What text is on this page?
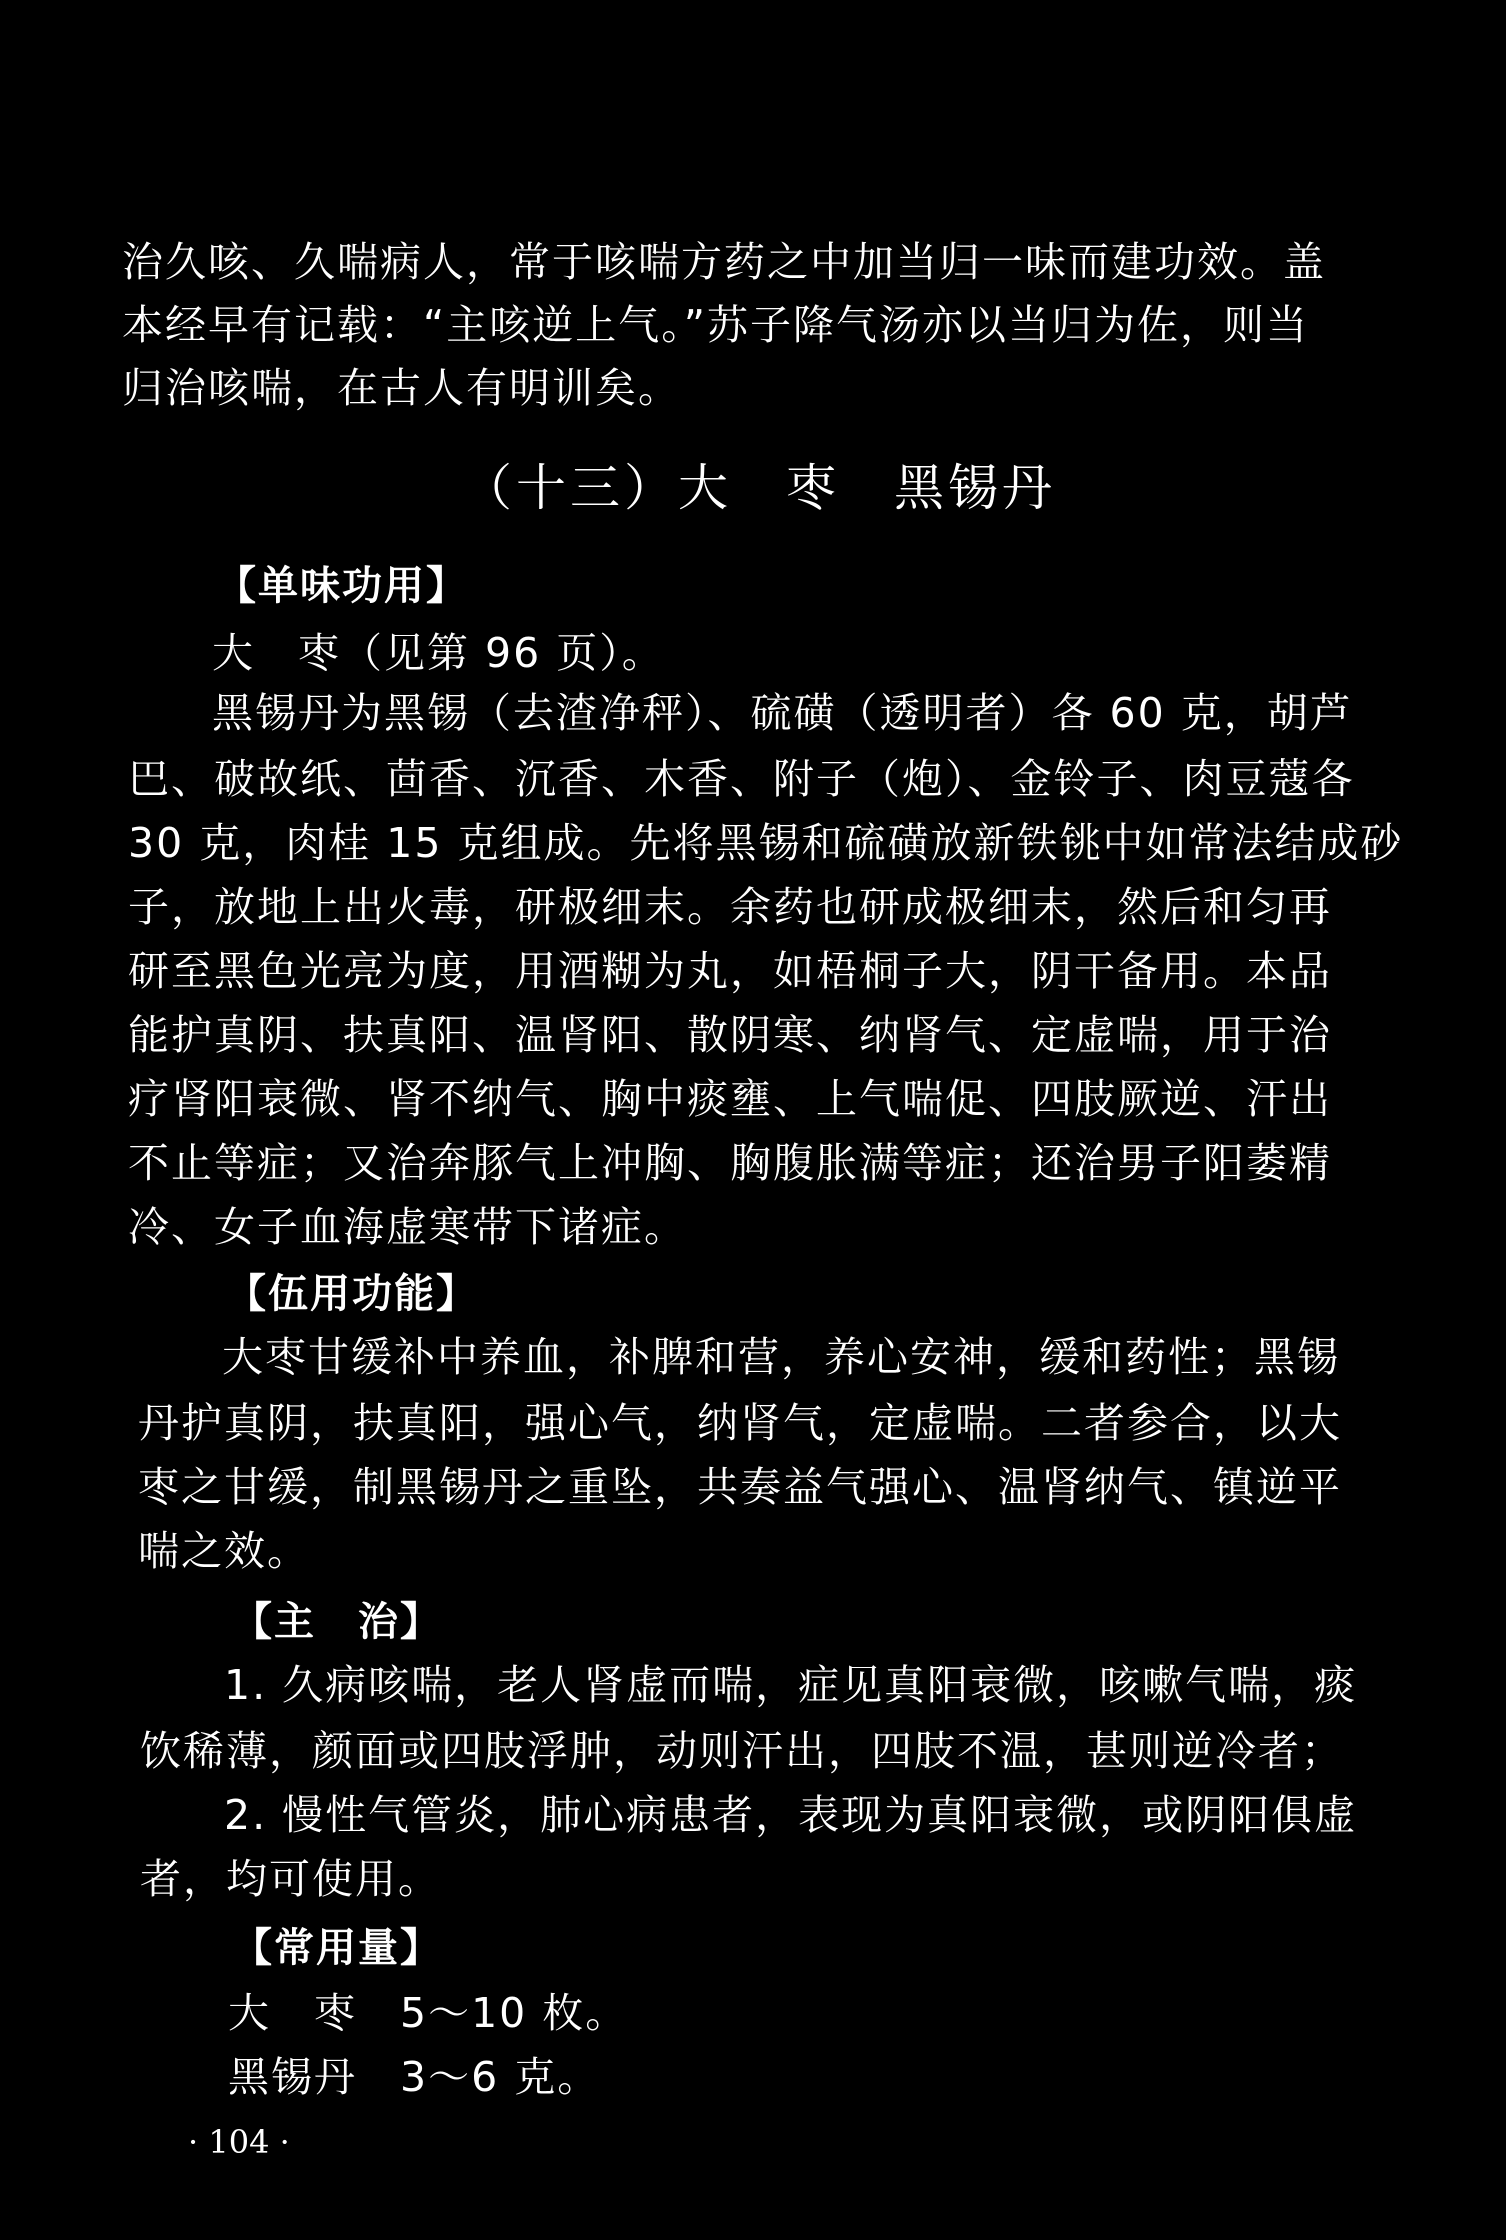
治久咳、久喘病人，常于咳喘方药之中加当归一味而建功效。盖
本经早有记载：“主咳逆上气。”苏子降气汤亦以当归为佐，则当
归治咳喘，在古人有明训矣。
（十三）大　枣　黑锡丹
【单味功用】
大　枣（见第 96 页）。
黑锡丹为黑锡（去渣净秤）、硫磺（透明者）各 60 克，胡芦
巴、破故纸、茴香、沉香、木香、附子（炮）、金铃子、肉豆蔻各
30 克，肉桂 15 克组成。先将黑锡和硫磺放新铁铫中如常法结成砂
子，放地上出火毒，研极细末。余药也研成极细末，然后和匀再
研至黑色光亮为度，用酒糊为丸，如梧桐子大，阴干备用。本品
能护真阴、扶真阳、温肾阳、散阴寒、纳肾气、定虚喘，用于治
疗肾阳衰微、肾不纳气、胸中痰壅、上气喘促、四肢厥逆、汗出
不止等症；又治奔豚气上冲胸、胸腹胀满等症；还治男子阳萎精
冷、女子血海虚寒带下诸症。
【伍用功能】
大枣甘缓补中养血，补脾和营，养心安神，缓和药性；黑锡
丹护真阴，扶真阳，强心气，纳肾气，定虚喘。二者参合，以大
枣之甘缓，制黑锡丹之重坠，共奏益气强心、温肾纳气、镇逆平
喘之效。
【主　治】
1. 久病咳喘，老人肾虚而喘，症见真阳衰微，咳嗽气喘，痰
饮稀薄，颜面或四肢浮肿，动则汗出，四肢不温，甚则逆冷者；
2. 慢性气管炎，肺心病患者，表现为真阳衰微，或阴阳俱虚
者，均可使用。
【常用量】
大　枣　5～10 枚。
黑锡丹　3～6 克。
· 104 ·
